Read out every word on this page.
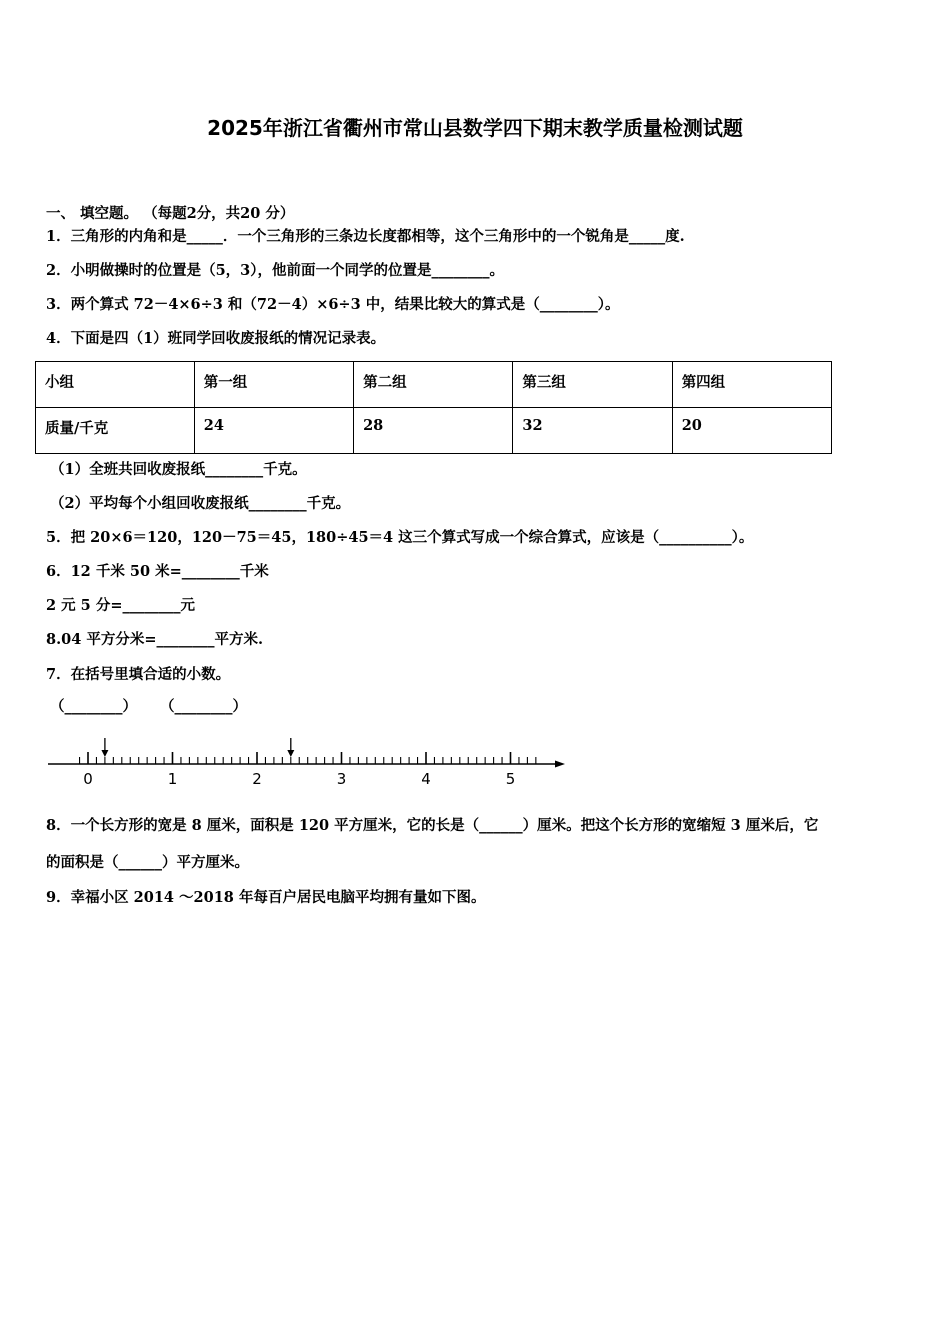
2025年浙江省衢州市常山县数学四下期末教学质量检测试题
一、 填空题。 （每题2分，共20 分）
1．三角形的内角和是_____．一个三角形的三条边长度都相等，这个三角形中的一个锐角是_____度.
2．小明做操时的位置是（5，3），他前面一个同学的位置是________。
3．两个算式 72－4×6÷3 和（72－4）×6÷3 中，结果比较大的算式是（________）。
4．下面是四（1）班同学回收废报纸的情况记录表。
小组	第一组	第二组	第三组	第四组
质量/千克	24	28	32	20
（1）全班共回收废报纸________千克。
（2）平均每个小组回收废报纸________千克。
5．把 20×6＝120，120－75＝45，180÷45＝4 这三个算式写成一个综合算式，应该是（__________）。
6．12 千米 50 米=________千米
2 元 5 分=________元
8.04 平方分米=________平方米.
7．在括号里填合适的小数。
（________） （________）
0	1	2	3	4	5
8．一个长方形的宽是 8 厘米，面积是 120 平方厘米，它的长是（______）厘米。把这个长方形的宽缩短 3 厘米后，它
的面积是（______）平方厘米。
9．幸福小区 2014 ～2018 年每百户居民电脑平均拥有量如下图。
